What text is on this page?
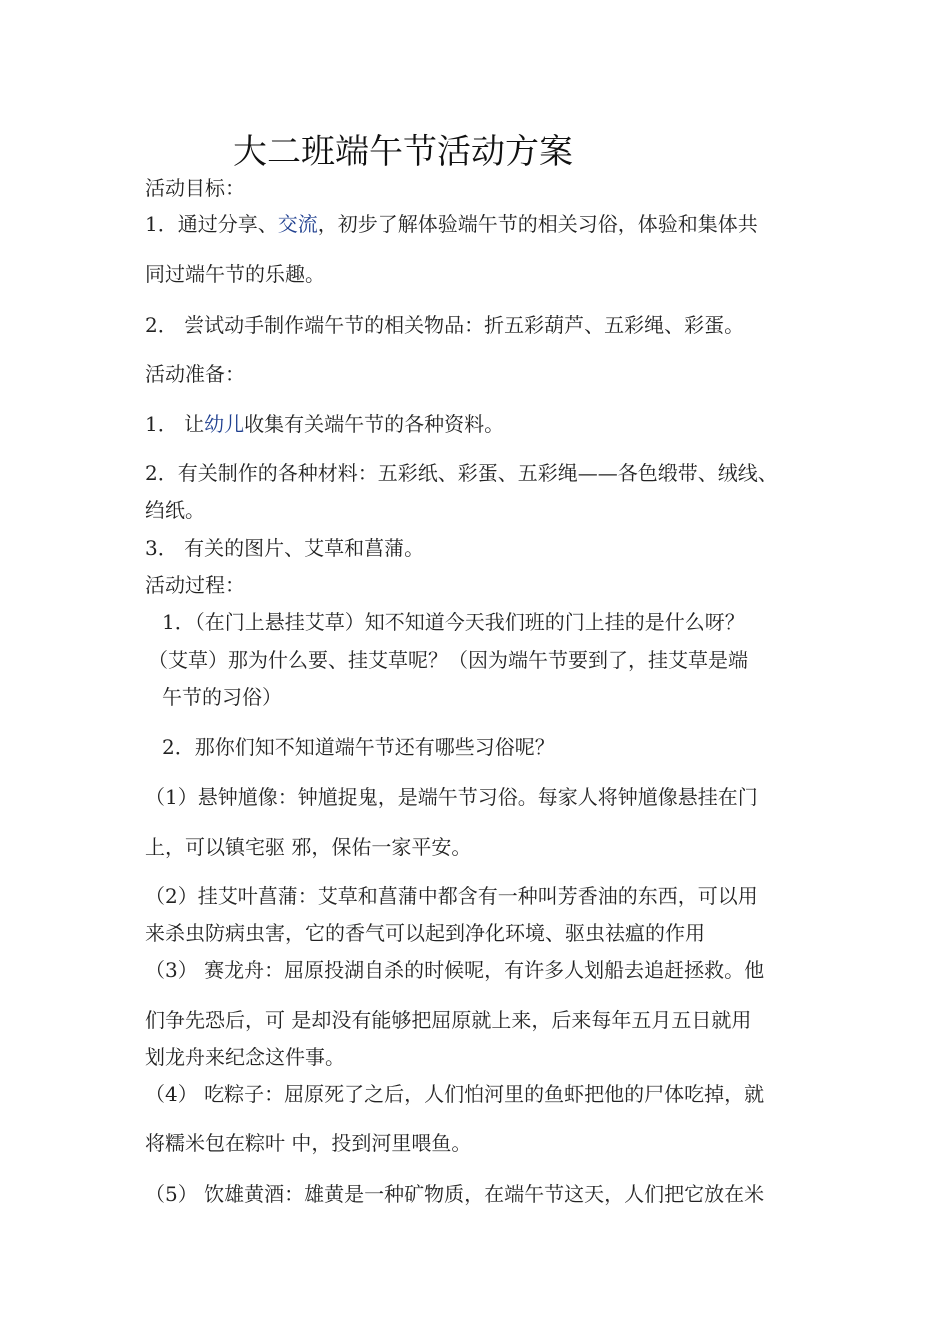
大二班端午节活动方案
活动目标：
1．通过分享、交流，初步了解体验端午节的相关习俗，体验和集体共
同过端午节的乐趣。
2． 尝试动手制作端午节的相关物品：折五彩葫芦、五彩绳、彩蛋。
活动准备：
1． 让幼儿收集有关端午节的各种资料。
2．有关制作的各种材料：五彩纸、彩蛋、五彩绳——各色缎带、绒线、
绉纸。
3． 有关的图片、艾草和菖蒲。
活动过程：
1．（在门上悬挂艾草）知不知道今天我们班的门上挂的是什么呀？
（艾草）那为什么要、挂艾草呢？（因为端午节要到了，挂艾草是端
午节的习俗）
2．那你们知不知道端午节还有哪些习俗呢？
（1）悬钟馗像：钟馗捉鬼，是端午节习俗。每家人将钟馗像悬挂在门
上，可以镇宅驱 邪，保佑一家平安。
（2）挂艾叶菖蒲：艾草和菖蒲中都含有一种叫芳香油的东西，可以用
来杀虫防病虫害，它的香气可以起到净化环境、驱虫祛瘟的作用
（3） 赛龙舟：屈原投湖自杀的时候呢，有许多人划船去追赶拯救。他
们争先恐后，可 是却没有能够把屈原就上来，后来每年五月五日就用
划龙舟来纪念这件事。
（4） 吃粽子：屈原死了之后，人们怕河里的鱼虾把他的尸体吃掉，就
将糯米包在粽叶 中，投到河里喂鱼。
（5） 饮雄黄酒：雄黄是一种矿物质，在端午节这天，人们把它放在米
